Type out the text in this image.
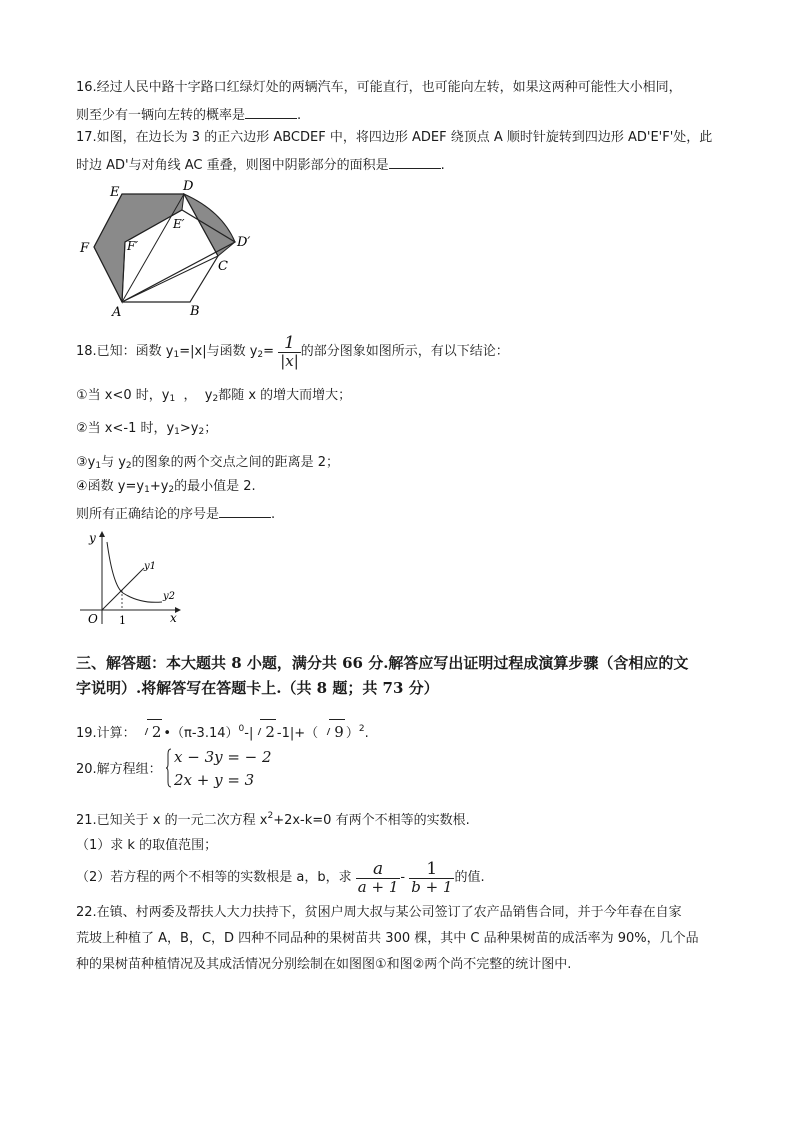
16.经过人民中路十字路口红绿灯处的两辆汽车，可能直行，也可能向左转，如果这两种可能性大小相同，
则至少有一辆向左转的概率是	.
17.如图，在边长为 3 的正六边形 ABCDEF 中，将四边形 ADEF 绕顶点 A 顺时针旋转到四边形 AD'E'F'处，此
时边 AD'与对角线 AC 重叠，则图中阴影部分的面积是	.
E	D
E′
F′
F	D′
C
A	B
18.已知：函数 $y_1=|x|$与函数 $y_2= \frac{1}{|x|}$ 的部分图象如图所示，有以下结论：
①当 x<0 时，$y_1$  ，  $y_2$都随 x 的增大而增大；
②当 x<-1 时，$y_1>y_2$；
$③y_1$与 $y_2$的图象的两个交点之间的距离是 2；
④函数 $y=y_1+y_2$的最小值是 2.
则所有正确结论的序号是	.
y
x
O 1
y1
y2
三、解答题：本大题共 8 小题，满分共 66 分.解答应写出证明过程成演算步骤（含相应的文
字说明）.将解答写在答题卡上.（共 8 题；共 73 分）
19.计算： 2 $•(\pi-3.14)^0-|$ 2 -1|+（ 9 ）$^2$.
20.解方程组：
x − 3y = − 2
2x + y = 3
21.已知关于 x 的一元二次方程 $x^2+2x-k=0$ 有两个不相等的实数根.
（1）求 k 的取值范围；
（2）若方程的两个不相等的实数根是 a，b，求 $\frac{a}{a + 1} - \frac{1}{b + 1}$ 的值.
22.在镇、村两委及帮扶人大力扶持下，贫困户周大叔与某公司签订了农产品销售合同，并于今年春在自家
荒坡上种植了 A，B，C，D 四种不同品种的果树苗共 300 棵，其中 C 品种果树苗的成活率为 90%，几个品
种的果树苗种植情况及其成活情况分别绘制在如图图①和图②两个尚不完整的统计图中.
